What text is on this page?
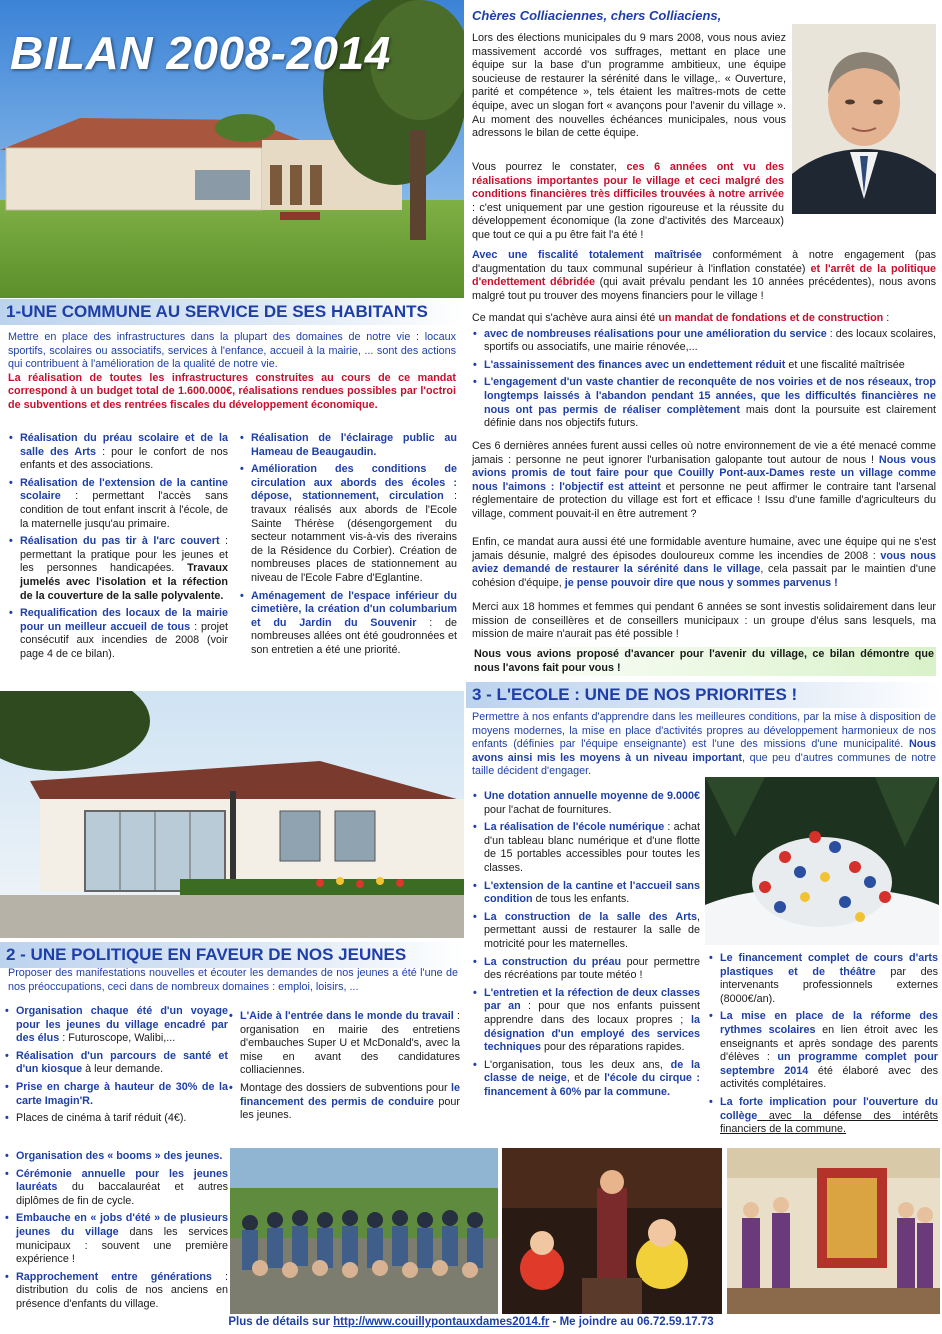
BILAN 2008-2014
Chères Colliaciennes, chers Colliaciens,
Lors des élections municipales du 9 mars 2008, vous nous aviez massivement accordé vos suffrages, mettant en place une équipe sur la base d'un programme ambitieux, une équipe soucieuse de restaurer la sérénité dans le village,. « Ouverture, parité et compétence », tels étaient les maîtres-mots de cette équipe, avec un slogan fort « avançons pour l'avenir du village ». Au moment des nouvelles échéances municipales, nous vous adressons le bilan de cette équipe.
Vous pourrez le constater, ces 6 années ont vu des réalisations importantes pour le village et ceci malgré des conditions financières très difficiles trouvées à notre arrivée : c'est uniquement par une gestion rigoureuse et la réussite du développement économique (la zone d'activités des Marceaux) que tout ce qui a pu être fait l'a été !
Avec une fiscalité totalement maîtrisée conformément à notre engagement (pas d'augmentation du taux communal supérieur à l'inflation constatée) et l'arrêt de la politique d'endettement débridée (qui avait prévalu pendant les 10 années précédentes), nous avons malgré tout pu trouver des moyens financiers pour le village !
Ce mandat qui s'achève aura ainsi été un mandat de fondations et de construction :
• avec de nombreuses réalisations pour une amélioration du service : des locaux scolaires, sportifs ou associatifs, une mairie rénovée,...
• L'assainissement des finances avec un endettement réduit et une fiscalité maîtrisée
• L'engagement d'un vaste chantier de reconquête de nos voiries et de nos réseaux, trop longtemps laissés à l'abandon pendant 15 années, que les difficultés financières ne nous ont pas permis de réaliser complètement mais dont la poursuite est clairement définie dans nos objectifs futurs.
Ces 6 dernières années furent aussi celles où notre environnement de vie a été menacé comme jamais : personne ne peut ignorer l'urbanisation galopante tout autour de nous ! Nous vous avions promis de tout faire pour que Couilly Pont-aux-Dames reste un village comme nous l'aimons : l'objectif est atteint et personne ne peut affirmer le contraire tant l'arsenal réglementaire de protection du village est fort et efficace ! Issu d'une famille d'agriculteurs du village, comment pouvait-il en être autrement ?
Enfin, ce mandat aura aussi été une formidable aventure humaine, avec une équipe qui ne s'est jamais désunie, malgré des épisodes douloureux comme les incendies de 2008 : vous nous aviez demandé de restaurer la sérénité dans le village, cela passait par le maintien d'une cohésion d'équipe, je pense pouvoir dire que nous y sommes parvenus !
Merci aux 18 hommes et femmes qui pendant 6 années se sont investis solidairement dans leur mission de conseillères et de conseillers municipaux : un groupe d'élus sans lesquels, ma mission de maire n'aurait pas été possible !
Nous vous avions proposé d'avancer pour l'avenir du village, ce bilan démontre que nous l'avons fait pour vous !
1-UNE COMMUNE AU SERVICE DE SES HABITANTS
Mettre en place des infrastructures dans la plupart des domaines de notre vie : locaux sportifs, scolaires ou associatifs, services à l'enfance, accueil à la mairie, ... sont des actions qui contribuent à l'amélioration de la qualité de notre vie.
La réalisation de toutes les infrastructures construites au cours de ce mandat correspond à un budget total de 1.600.000€, réalisations rendues possibles par l'octroi de subventions et des rentrées fiscales du développement économique.
• Réalisation du préau scolaire et de la salle des Arts : pour le confort de nos enfants et des associations.
• Réalisation de l'extension de la cantine scolaire : permettant l'accès sans condition de tout enfant inscrit à l'école, de la maternelle jusqu'au primaire.
• Réalisation du pas tir à l'arc couvert : permettant la pratique pour les jeunes et les personnes handicapées. Travaux jumelés avec l'isolation et la réfection de la couverture de la salle polyvalente.
• Requalification des locaux de la mairie pour un meilleur accueil de tous : projet consécutif aux incendies de 2008 (voir page 4 de ce bilan).
• Réalisation de l'éclairage public au Hameau de Beaugaudin.
• Amélioration des conditions de circulation aux abords des écoles : dépose, stationnement, circulation : travaux réalisés aux abords de l'Ecole Sainte Thérèse (désengorgement du secteur notamment vis-à-vis des riverains de la Résidence du Corbier). Création de nombreuses places de stationnement au niveau de l'Ecole Fabre d'Eglantine.
• Aménagement de l'espace inférieur du cimetière, la création d'un columbarium et du Jardin du Souvenir : de nombreuses allées ont été goudronnées et son entretien a été une priorité.
2 - UNE POLITIQUE EN FAVEUR DE NOS JEUNES
Proposer des manifestations nouvelles et écouter les demandes de nos jeunes a été l'une de nos préoccupations, ceci dans de nombreux domaines : emploi, loisirs, ...
• Organisation chaque été d'un voyage pour les jeunes du village encadré par des élus : Futuroscope, Walibi,...
• Réalisation d'un parcours de santé et d'un kiosque à leur demande.
• Prise en charge à hauteur de 30% de la carte Imagin'R.
• Places de cinéma à tarif réduit (4€).
• L'Aide à l'entrée dans le monde du travail : organisation en mairie des entretiens d'embauches Super U et McDonald's, avec la mise en avant des candidatures colliaciennes.
• Montage des dossiers de subventions pour le financement des permis de conduire pour les jeunes.
• Organisation des « booms » des jeunes.
• Cérémonie annuelle pour les jeunes lauréats du baccalauréat et autres diplômes de fin de cycle.
• Embauche en « jobs d'été » de plusieurs jeunes du village dans les services municipaux : souvent une première expérience !
• Rapprochement entre générations : distribution du colis de nos anciens en présence d'enfants du village.
3 - L'ECOLE : UNE DE NOS PRIORITES !
Permettre à nos enfants d'apprendre dans les meilleures conditions, par la mise à disposition de moyens modernes, la mise en place d'activités propres au développement harmonieux de nos enfants (définies par l'équipe enseignante) est l'une des missions d'une municipalité. Nous avons ainsi mis les moyens à un niveau important, que peu d'autres communes de notre taille décident d'engager.
• Une dotation annuelle moyenne de 9.000€ pour l'achat de fournitures.
• La réalisation de l'école numérique : achat d'un tableau blanc numérique et d'une flotte de 15 portables accessibles pour toutes les classes.
• L'extension de la cantine et l'accueil sans condition de tous les enfants.
• La construction de la salle des Arts, permettant aussi de restaurer la salle de motricité pour les maternelles.
• La construction du préau pour permettre des récréations par toute météo !
• L'entretien et la réfection de deux classes par an : pour que nos enfants puissent apprendre dans des locaux propres ; la désignation d'un employé des services techniques pour des réparations rapides.
• L'organisation, tous les deux ans, de la classe de neige, et de l'école du cirque : financement à 60% par la commune.
• Le financement complet de cours d'arts plastiques et de théâtre par des intervenants professionnels externes (8000€/an).
• La mise en place de la réforme des rythmes scolaires en lien étroit avec les enseignants et après sondage des parents d'élèves : un programme complet pour septembre 2014 été élaboré avec des activités complétaires.
• La forte implication pour l'ouverture du collège avec la défense des intérêts financiers de la commune.
Plus de détails sur http://www.couillypontauxdames2014.fr - Me joindre au 06.72.59.17.73
